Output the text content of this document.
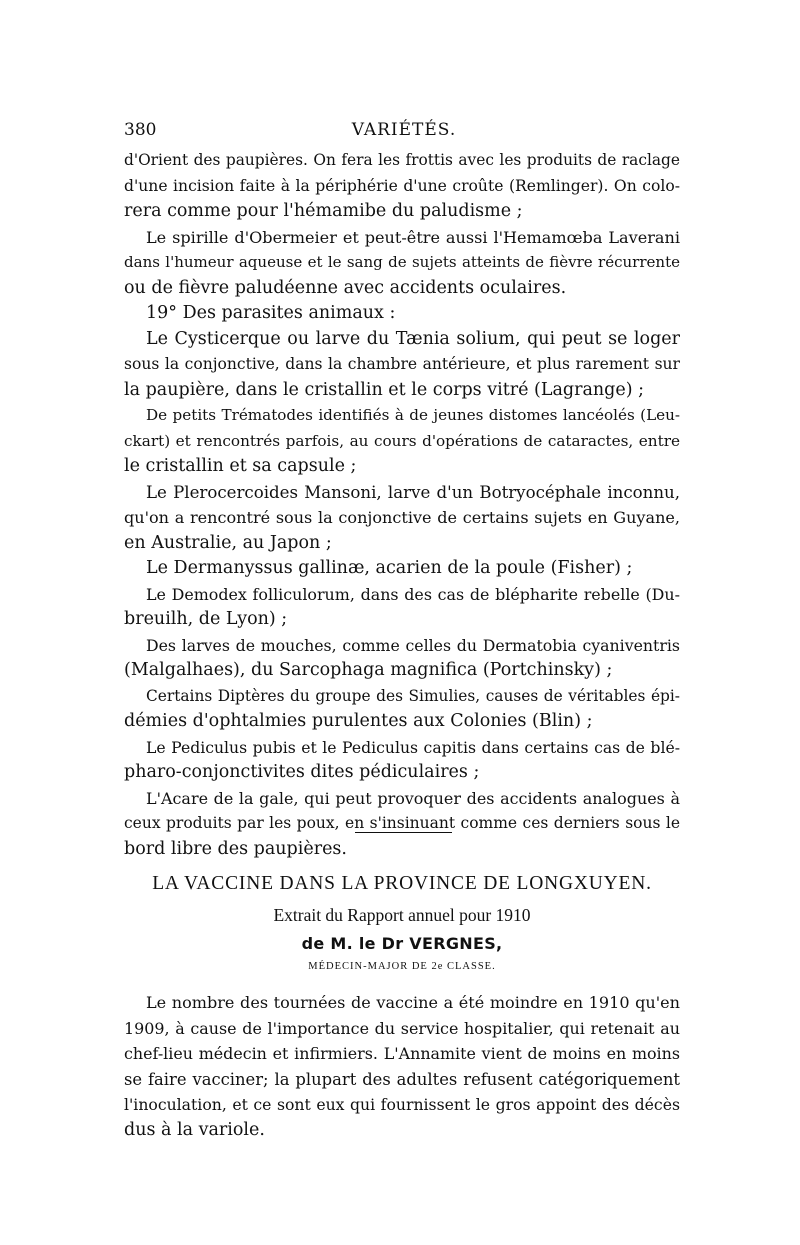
380	VARIÉTÉS.
d'Orient des paupières. On fera les frottis avec les produits de raclage
d'une incision faite à la périphérie d'une croûte (Remlinger). On colo-
rera comme pour l'hémamibe du paludisme ;
Le spirille d'Obermeier et peut-être aussi l'Hemamœba Laverani
dans l'humeur aqueuse et le sang de sujets atteints de fièvre récurrente
ou de fièvre paludéenne avec accidents oculaires.
19° Des parasites animaux :
Le Cysticerque ou larve du Tænia solium, qui peut se loger
sous la conjonctive, dans la chambre antérieure, et plus rarement sur
la paupière, dans le cristallin et le corps vitré (Lagrange) ;
De petits Trématodes identifiés à de jeunes distomes lancéolés (Leu-
ckart) et rencontrés parfois, au cours d'opérations de cataractes, entre
le cristallin et sa capsule ;
Le Plerocercoides Mansoni, larve d'un Botryocéphale inconnu,
qu'on a rencontré sous la conjonctive de certains sujets en Guyane,
en Australie, au Japon ;
Le Dermanyssus gallinæ, acarien de la poule (Fisher) ;
Le Demodex folliculorum, dans des cas de blépharite rebelle (Du-
breuilh, de Lyon) ;
Des larves de mouches, comme celles du Dermatobia cyaniventris
(Malgalhaes), du Sarcophaga magnifica (Portchinsky) ;
Certains Diptères du groupe des Simulies, causes de véritables épi-
démies d'ophtalmies purulentes aux Colonies (Blin) ;
Le Pediculus pubis et le Pediculus capitis dans certains cas de blé-
pharo-conjonctivites dites pédiculaires ;
L'Acare de la gale, qui peut provoquer des accidents analogues à
ceux produits par les poux, en s'insinuant comme ces derniers sous le
bord libre des paupières.
LA VACCINE DANS LA PROVINCE DE LONGXUYEN.
Extrait du Rapport annuel pour 1910
de M. le Dr VERGNES,
MÉDECIN-MAJOR DE 2e CLASSE.
Le nombre des tournées de vaccine a été moindre en 1910 qu'en
1909, à cause de l'importance du service hospitalier, qui retenait au
chef-lieu médecin et infirmiers. L'Annamite vient de moins en moins
se faire vacciner; la plupart des adultes refusent catégoriquement
l'inoculation, et ce sont eux qui fournissent le gros appoint des décès
dus à la variole.
